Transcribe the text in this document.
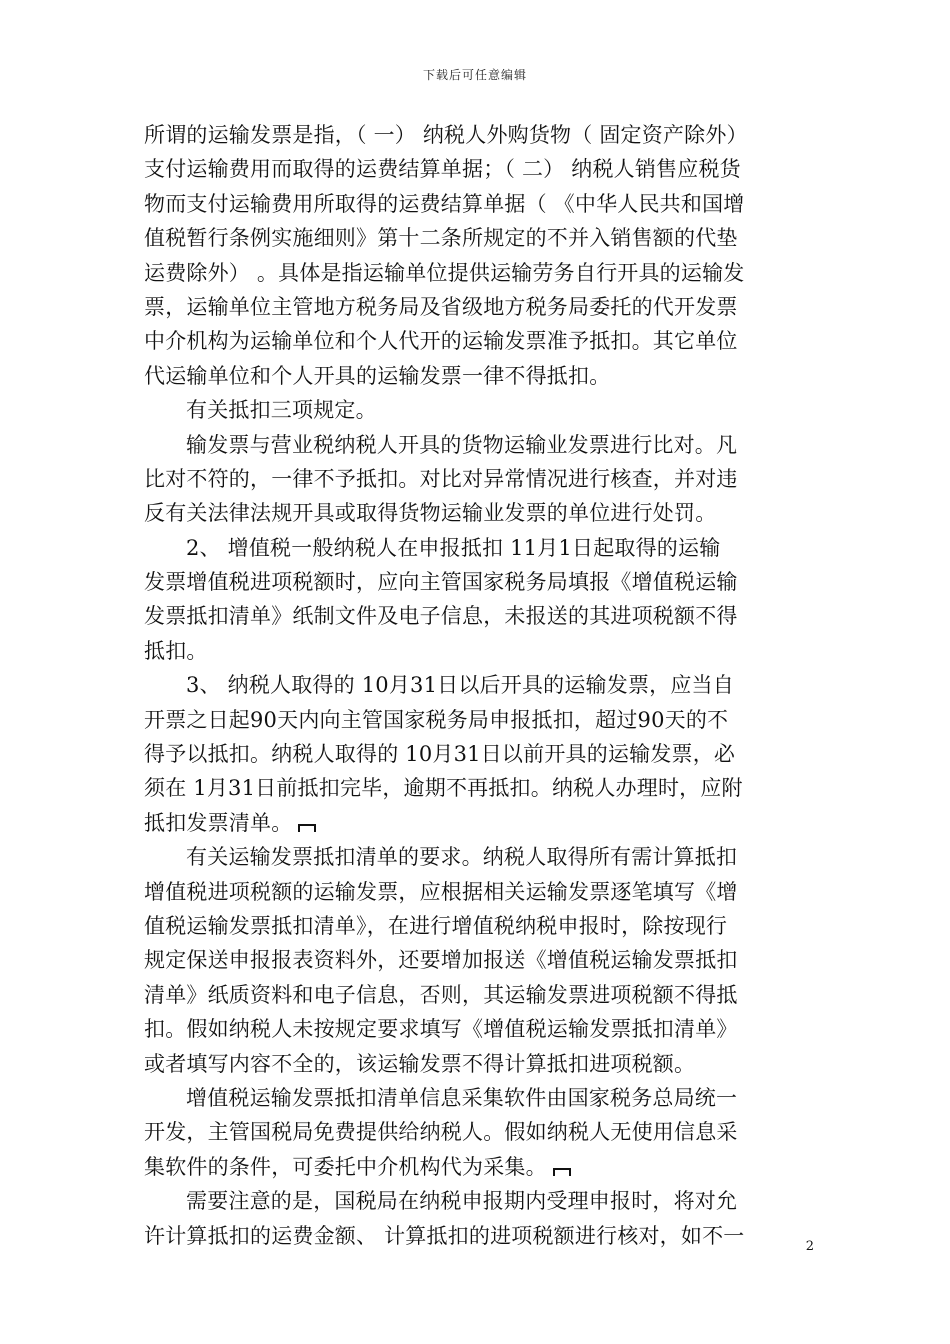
下载后可任意编辑
所谓的运输发票是指，（ 一） 纳税人外购货物（ 固定资产除外）
支付运输费用而取得的运费结算单据；（ 二） 纳税人销售应税货
物而支付运输费用所取得的运费结算单据（ 《中华人民共和国增
值税暂行条例实施细则》第十二条所规定的不并入销售额的代垫
运费除外） 。具体是指运输单位提供运输劳务自行开具的运输发
票，运输单位主管地方税务局及省级地方税务局委托的代开发票
中介机构为运输单位和个人代开的运输发票准予抵扣。其它单位
代运输单位和个人开具的运输发票一律不得抵扣。
有关抵扣三项规定。
输发票与营业税纳税人开具的货物运输业发票进行比对。凡
比对不符的，一律不予抵扣。对比对异常情况进行核查，并对违
反有关法律法规开具或取得货物运输业发票的单位进行处罚。
2、 增值税一般纳税人在申报抵扣 11月1日起取得的运输
发票增值税进项税额时，应向主管国家税务局填报《增值税运输
发票抵扣清单》纸制文件及电子信息，未报送的其进项税额不得
抵扣。
3、 纳税人取得的 10月31日以后开具的运输发票，应当自
开票之日起90天内向主管国家税务局申报抵扣，超过90天的不
得予以抵扣。纳税人取得的 10月31日以前开具的运输发票，必
须在 1月31日前抵扣完毕，逾期不再抵扣。纳税人办理时，应附
抵扣发票清单。
有关运输发票抵扣清单的要求。纳税人取得所有需计算抵扣
增值税进项税额的运输发票，应根据相关运输发票逐笔填写《增
值税运输发票抵扣清单》，在进行增值税纳税申报时，除按现行
规定保送申报报表资料外，还要增加报送《增值税运输发票抵扣
清单》纸质资料和电子信息，否则，其运输发票进项税额不得抵
扣。假如纳税人未按规定要求填写《增值税运输发票抵扣清单》
或者填写内容不全的，该运输发票不得计算抵扣进项税额。
增值税运输发票抵扣清单信息采集软件由国家税务总局统一
开发，主管国税局免费提供给纳税人。假如纳税人无使用信息采
集软件的条件，可委托中介机构代为采集。
需要注意的是，国税局在纳税申报期内受理申报时，将对允
许计算抵扣的运费金额、 计算抵扣的进项税额进行核对，如不一	2
